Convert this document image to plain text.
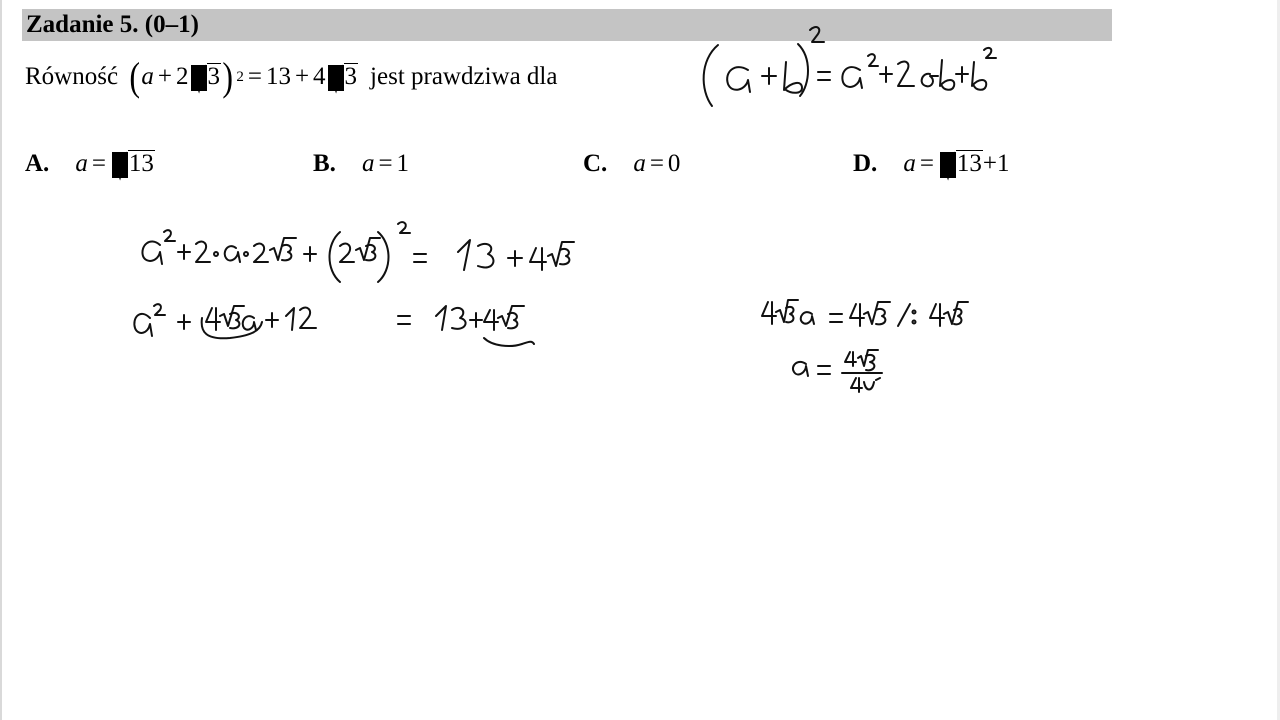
Zadanie 5. (0–1)
Równość ( a + 2 3 ) 2 = 13 + 4 3 jest prawdziwa dla
A. a = 13	B. a = 1	C. a = 0	D. a = 13 +1
